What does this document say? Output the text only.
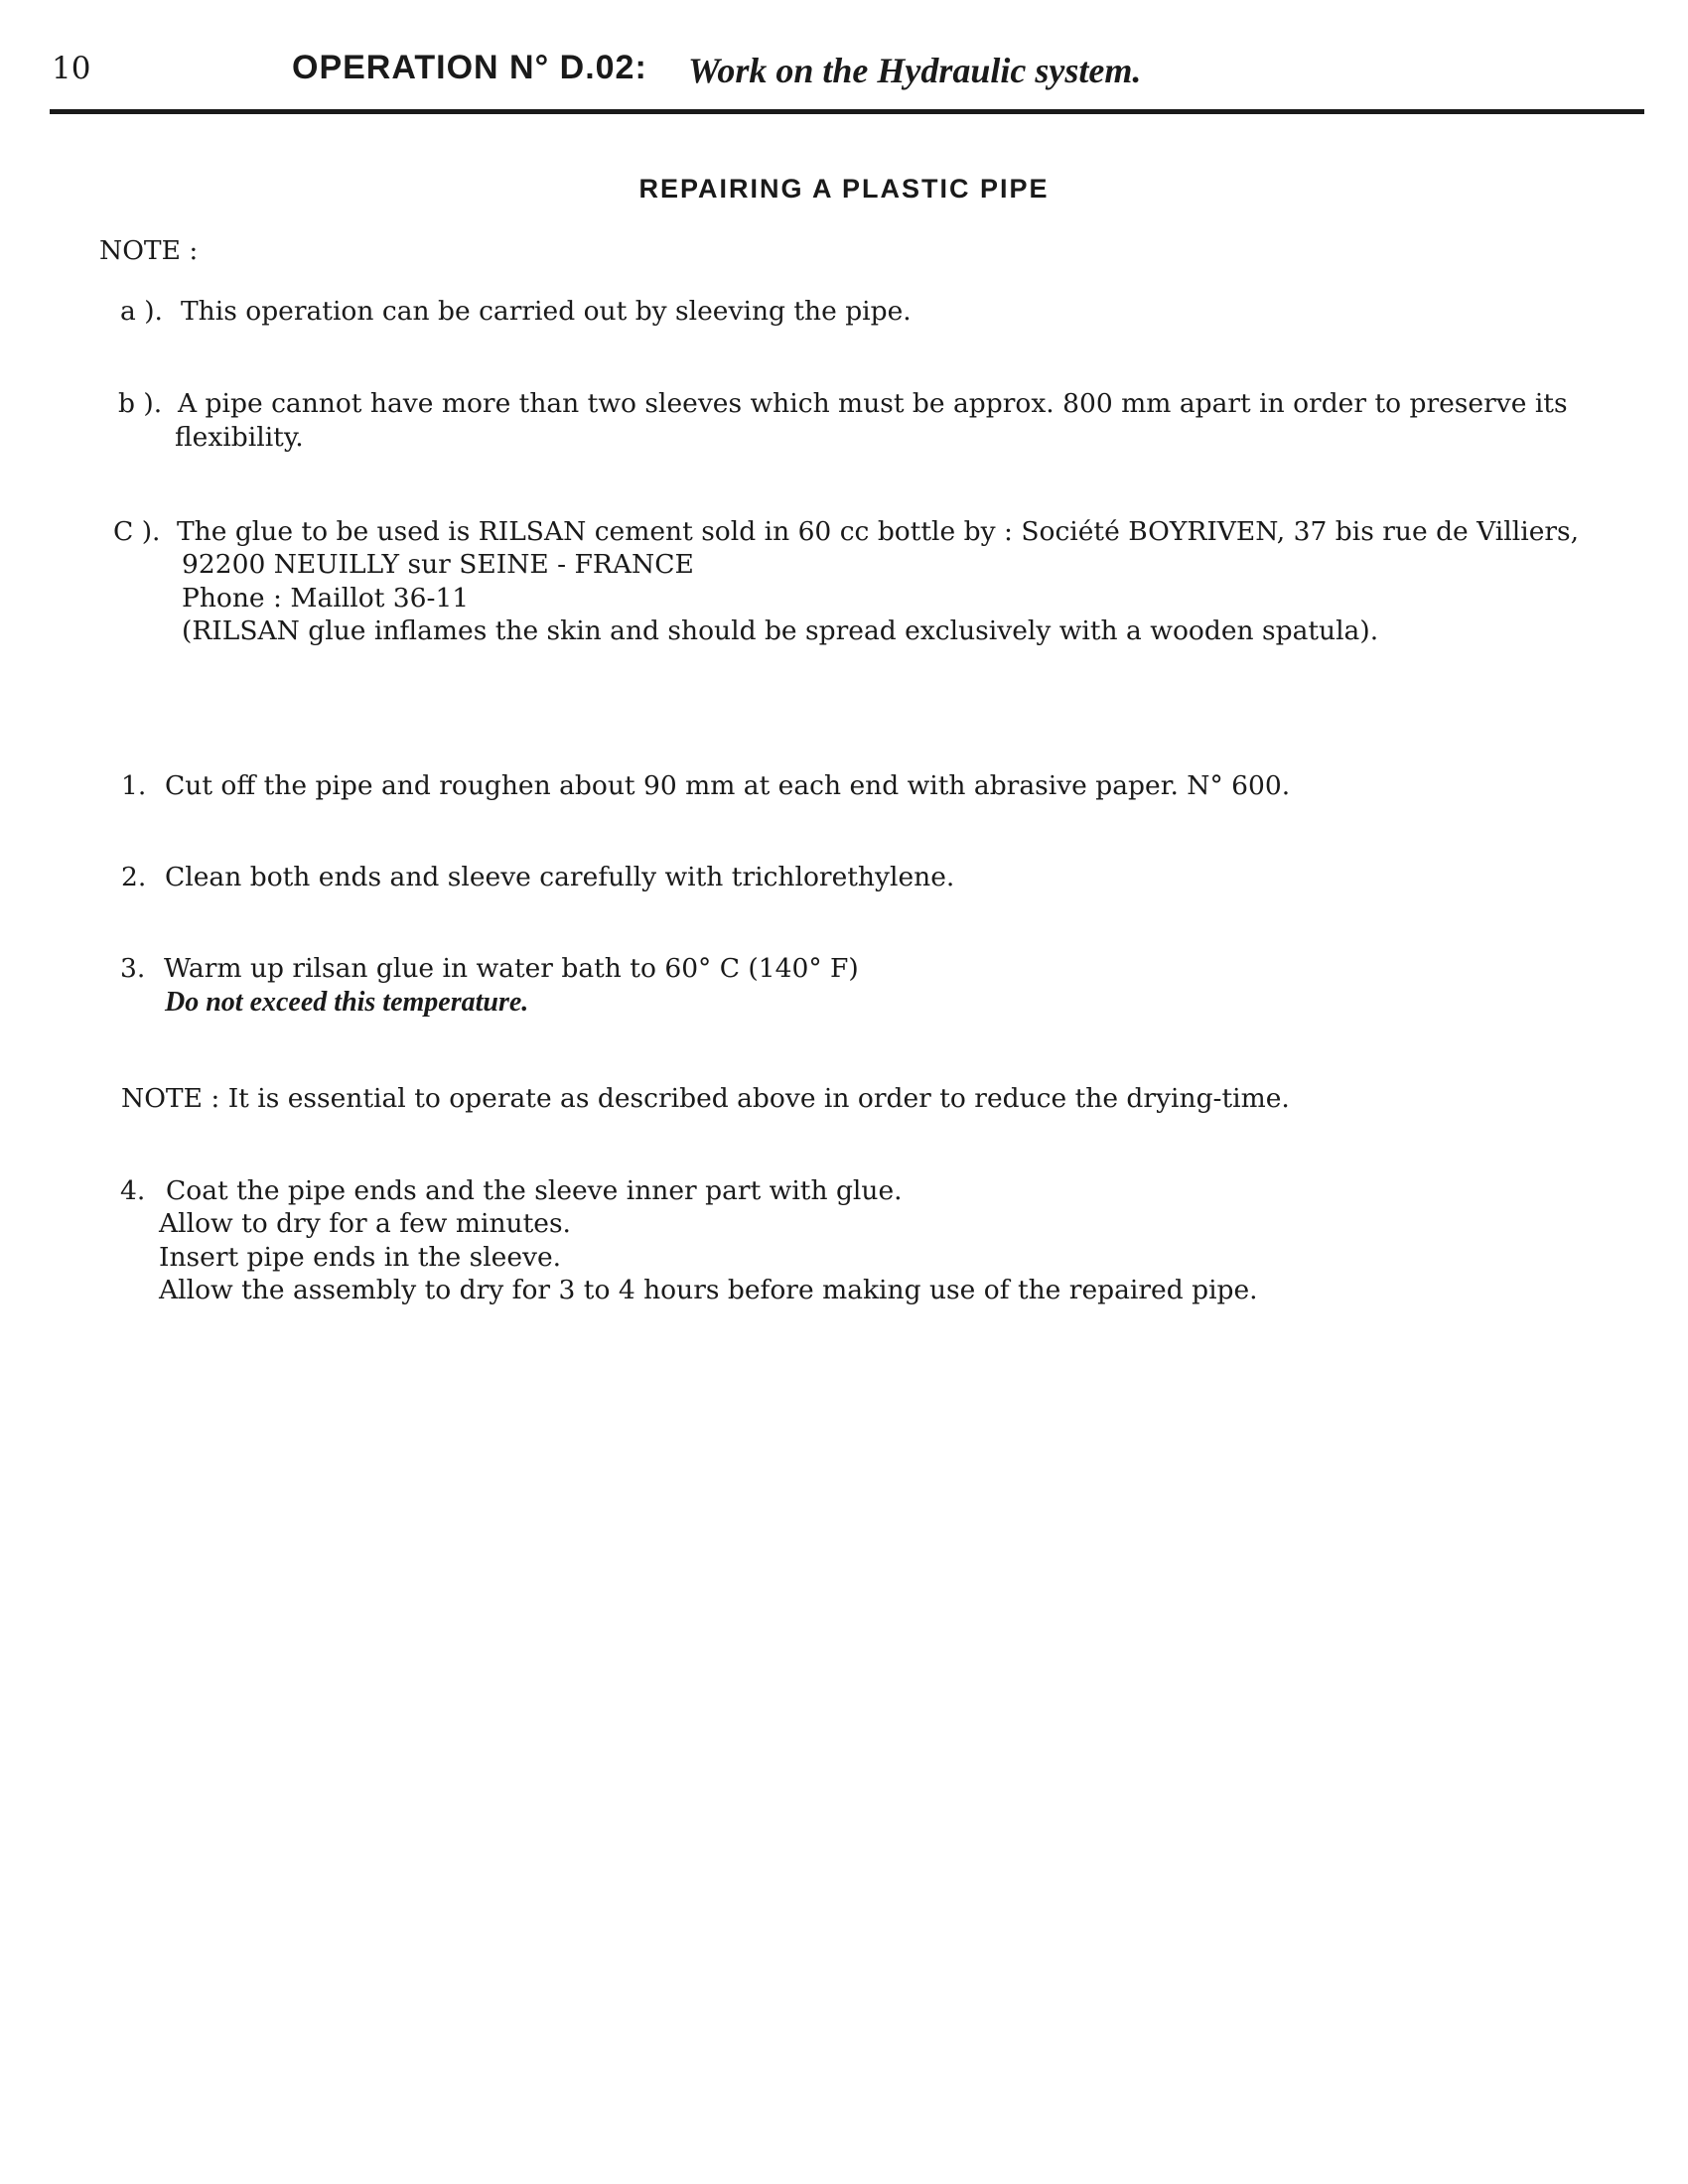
10	OPERATION N° D.02: Work on the Hydraulic system.
REPAIRING A PLASTIC PIPE
NOTE :
a ). This operation can be carried out by sleeving the pipe.
b ). A pipe cannot have more than two sleeves which must be approx. 800 mm apart in order to preserve its
flexibility.
C ). The glue to be used is RILSAN cement sold in 60 cc bottle by : Société BOYRIVEN, 37 bis rue de Villiers,
92200 NEUILLY sur SEINE - FRANCE
Phone : Maillot 36-11
(RILSAN glue inflames the skin and should be spread exclusively with a wooden spatula).
1. Cut off the pipe and roughen about 90 mm at each end with abrasive paper. N° 600.
2. Clean both ends and sleeve carefully with trichlorethylene.
3. Warm up rilsan glue in water bath to 60° C (140° F)
Do not exceed this temperature.
NOTE : It is essential to operate as described above in order to reduce the drying-time.
4. Coat the pipe ends and the sleeve inner part with glue.
Allow to dry for a few minutes.
Insert pipe ends in the sleeve.
Allow the assembly to dry for 3 to 4 hours before making use of the repaired pipe.
